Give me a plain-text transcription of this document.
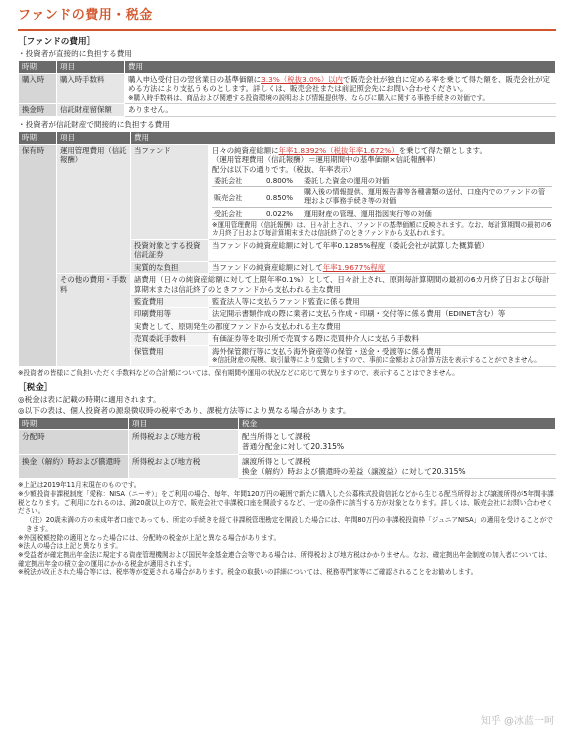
ファンドの費用・税金
［ファンドの費用］
・投資者が直接的に負担する費用
時期	項目	費用
購入時	購入時手数料	購入申込受付日の翌営業日の基準価額に3.3%（税抜3.0%）以内で販売会社が独自に定める率を乗じて得た額を、販売会社が定める方法により支払うものとします。詳しくは、販売会社または前記照会先にお問い合わせください。
※購入時手数料は、商品および関連する投資環境の説明および情報提供等、ならびに購入に関する事務手続きの対価です。

換金時	信託財産留保額	ありません。
・投資者が信託財産で間接的に負担する費用
時期	項目	費用
保有時	運用管理費用（信託報酬）	当ファンド	日々の純資産総額に年率1.8392%（税抜年率1.672%）を乗じて得た額とします。
（運用管理費用（信託報酬）＝運用期間中の基準価額×信託報酬率）
配分は以下の通りです。（税抜、年率表示）
委託会社	0.800%	委託した資金の運用の対価
販売会社	0.850%	購入後の情報提供、運用報告書等各種書類の送付、口座内でのファンドの管理および事務手続き等の対価
受託会社	0.022%	運用財産の管理、運用指図実行等の対価
※運用管理費用（信託報酬）は、日々計上され、ファンドの基準価額に反映されます。なお、毎計算期間の最初の6カ月終了日および毎計算期末または信託終了のときファンドから支払われます。

投資対象とする投資信託証券	当ファンドの純資産総額に対して年率0.1285%程度（委託会社が試算した概算値）
実質的な負担	当ファンドの純資産総額に対して年率1.9677%程度
その他の費用・手数料	諸費用（日々の純資産総額に対して上限年率0.1%）として、日々計上され、原則毎計算期間の最初の6カ月終了日および毎計算期末または信託終了のときファンドから支払われる主な費用
監査費用	監査法人等に支払うファンド監査に係る費用
印刷費用等	法定開示書類作成の際に業者に支払う作成・印刷・交付等に係る費用（EDINET含む）等
実費として、原則発生の都度ファンドから支払われる主な費用
売買委託手数料	有価証券等を取引所で売買する際に売買仲介人に支払う手数料
保管費用	海外保管銀行等に支払う海外資産等の保管・送金・受渡等に係る費用
※信託財産の規模、取引量等により変動しますので、事前に金額および計算方法を表示することができません。
※投資者の皆様にご負担いただく手数料などの合計額については、保有期間や運用の状況などに応じて異なりますので、表示することはできません。
［税金］
◎税金は表に記載の時期に適用されます。
◎以下の表は、個人投資者の源泉徴収時の税率であり、課税方法等により異なる場合があります。
時期	項目	税金
分配時	所得税および地方税	配当所得として課税
普通分配金に対して20.315%

換金（解約）時および償還時	所得税および地方税	譲渡所得として課税
換金（解約）時および償還時の差益（譲渡益）に対して20.315%

※上記は2019年11月末現在のものです。

※少額投資非課税制度「愛称：NISA（ニーサ）」をご利用の場合、毎年、年間120万円の範囲で新たに購入した公募株式投資信託などから生じる配当所得および譲渡所得が5年間非課税となります。ご利用になれるのは、満20歳以上の方で、販売会社で非課税口座を開設するなど、一定の条件に該当する方が対象となります。詳しくは、販売会社にお問い合わせください。

（注）20歳未満の方の未成年者口座であっても、所定の手続きを経て非課税管理勘定を開設した場合には、年間80万円の非課税投資枠「ジュニアNISA」の適用を受けることができます。

※外国税額控除の適用となった場合には、分配時の税金が上記と異なる場合があります。

※法人の場合は上記と異なります。

※受益者が確定拠出年金法に規定する資産管理機関および国民年金基金連合会等である場合は、所得税および地方税はかかりません。なお、確定拠出年金制度の加入者については、確定拠出年金の積立金の運用にかかる税金が適用されます。

※税法が改正された場合等には、税率等が変更される場合があります。税金の取扱いの詳細については、税務専門家等にご確認されることをお勧めします。

知乎 @冰蓝一呵
